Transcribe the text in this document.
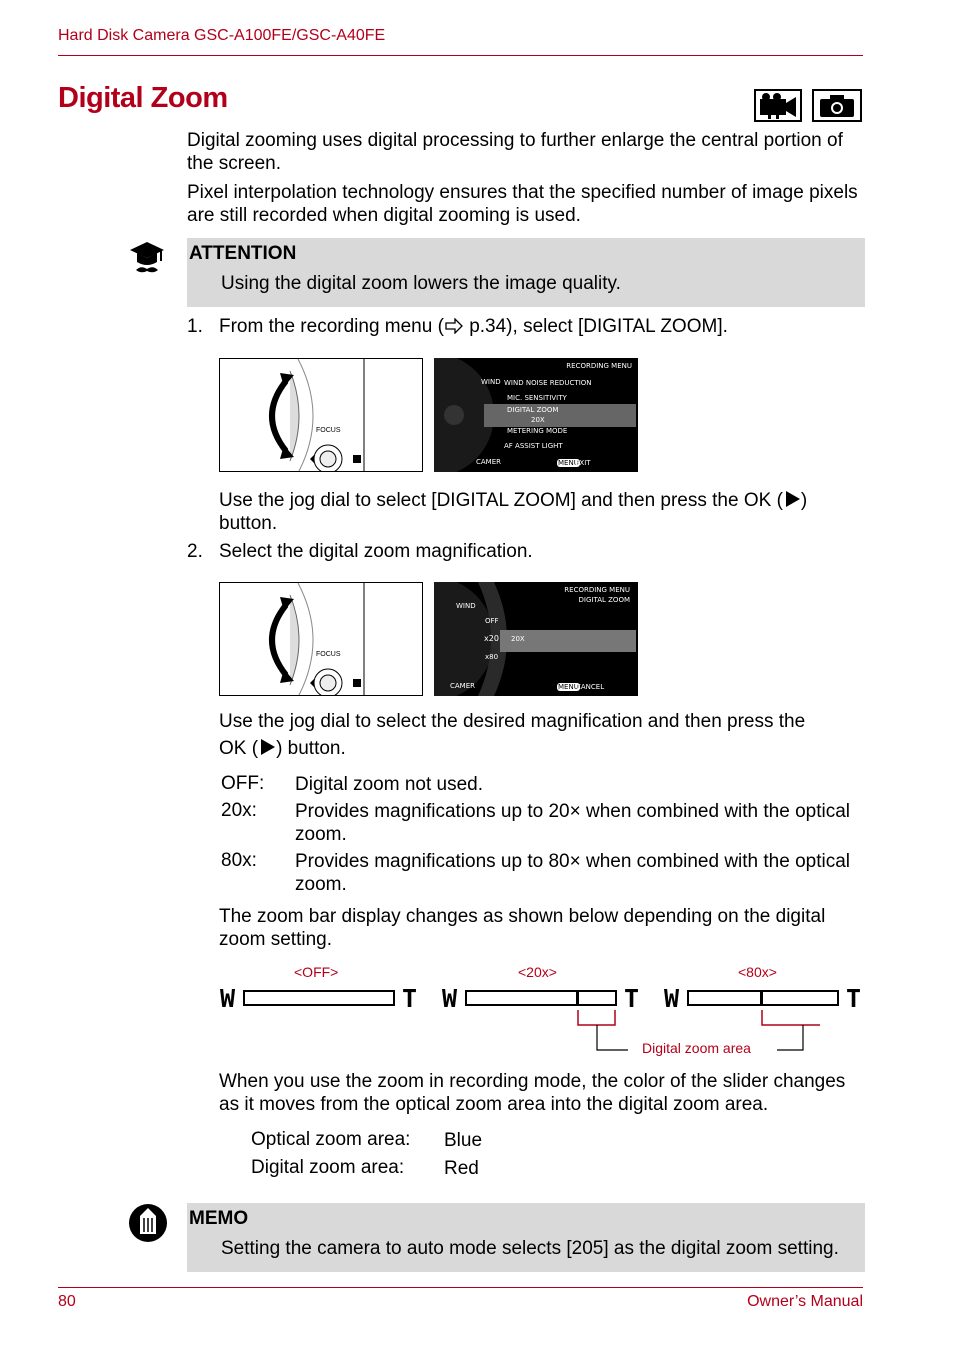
Hard Disk Camera GSC-A100FE/GSC-A40FE
Digital Zoom
Digital zooming uses digital processing to further enlarge the central portion of the screen.
Pixel interpolation technology ensures that the specified number of image pixels are still recorded when digital zooming is used.
ATTENTION
Using the digital zoom lowers the image quality.
1. From the recording menu ( p.34), select [DIGITAL ZOOM].
FOCUS
RECORDING MENU
WIND WIND NOISE REDUCTION
MIC. SENSITIVITY
DIGITAL ZOOM
20X
METERING MODE
AF ASSIST LIGHT
CAMER	MENU
EXIT
Use the jog dial to select [DIGITAL ZOOM] and then press the OK ( ) button.
2. Select the digital zoom magnification.
FOCUS
RECORDING MENU
DIGITAL ZOOM
WIND
OFF
x20
x80
20X
CAMER	MENU
CANCEL
Use the jog dial to select the desired magnification and then press the
OK ( ) button.
OFF: Digital zoom not used.
20x: Provides magnifications up to 20× when combined with the optical zoom.
80x: Provides magnifications up to 80× when combined with the optical zoom.
The zoom bar display changes as shown below depending on the digital zoom setting.
<OFF>	<20x>	<80x>
W	T W	T W	T
Digital zoom area
When you use the zoom in recording mode, the color of the slider changes as it moves from the optical zoom area into the digital zoom area.
Optical zoom area: Blue
Digital zoom area: Red
MEMO
Setting the camera to auto mode selects [205] as the digital zoom setting.
80	Owner’s Manual
